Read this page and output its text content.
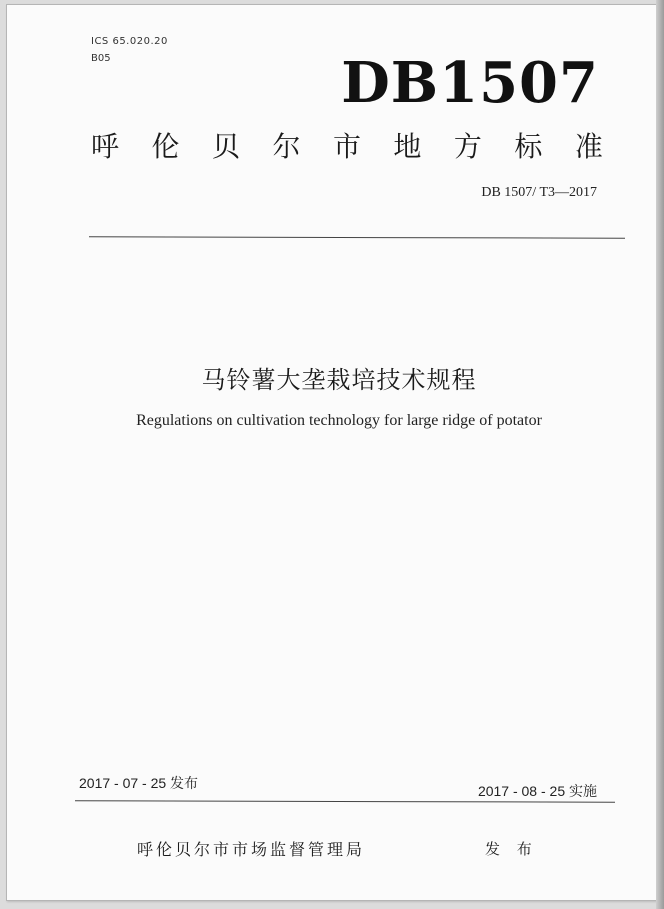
ICS 65.020.20
B05	DB1507
呼 伦 贝 尔 市 地 方 标 准
DB 1507/ T3—2017
马铃薯大垄栽培技术规程
Regulations on cultivation technology for large ridge of potator
2017 - 07 - 25 发布	2017 - 08 - 25 实施
呼伦贝尔市市场监督管理局	发 布
